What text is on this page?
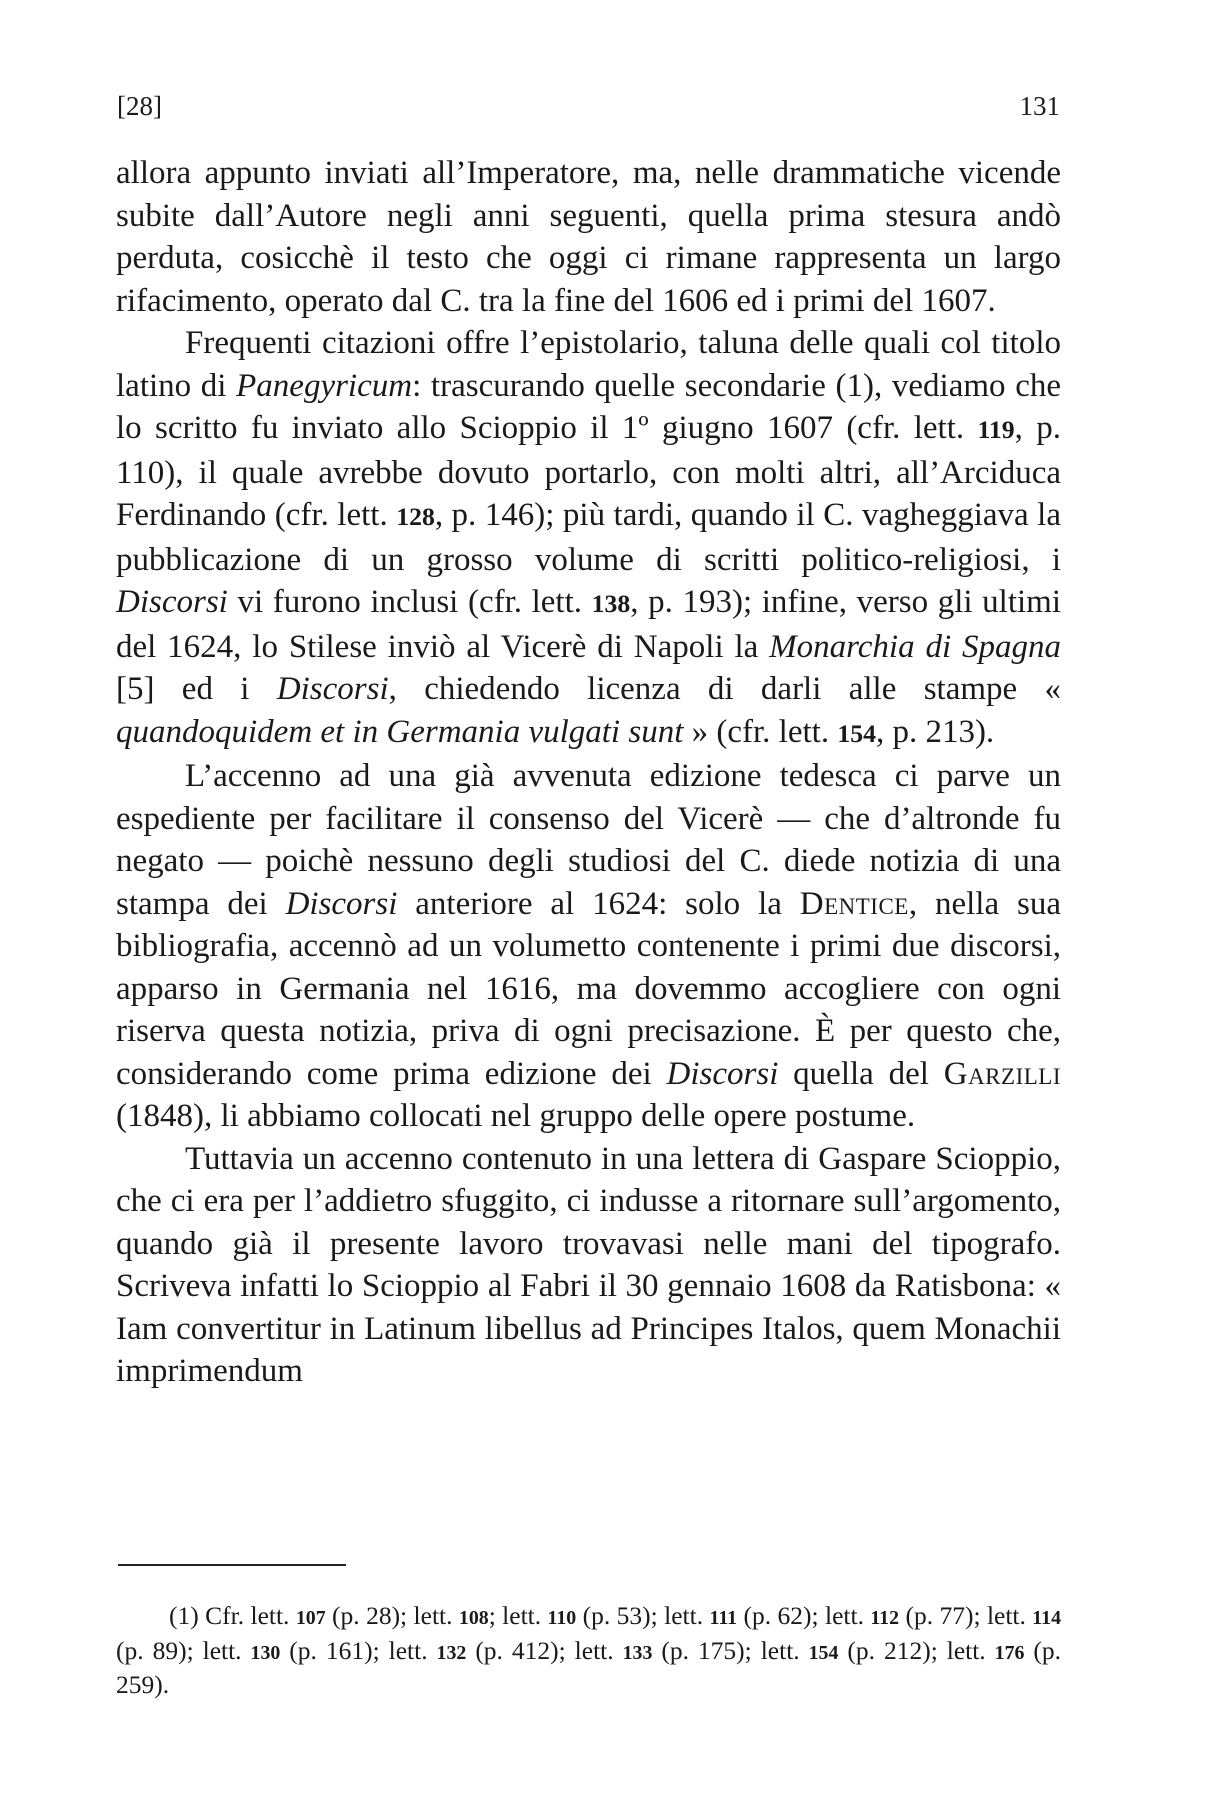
[28]	131

allora appunto inviati all’Imperatore, ma, nelle drammatiche vicende subite dall’Autore negli anni seguenti, quella prima stesura andò perduta, cosicchè il testo che oggi ci rimane rappresenta un largo rifacimento, operato dal C. tra la fine del 1606 ed i primi del 1607.

Frequenti citazioni offre l’epistolario, taluna delle quali col titolo latino di Panegyricum: trascurando quelle secondarie (1), vediamo che lo scritto fu inviato allo Scioppio il 1º giugno 1607 (cfr. lett. 119, p. 110), il quale avrebbe dovuto portarlo, con molti altri, all’Arciduca Ferdinando (cfr. lett. 128, p. 146); più tardi, quando il C. vagheggiava la pubblicazione di un grosso volume di scritti politico-religiosi, i Discorsi vi furono inclusi (cfr. lett. 138, p. 193); infine, verso gli ultimi del 1624, lo Stilese inviò al Vicerè di Napoli la Monarchia di Spagna [5] ed i Discorsi, chiedendo licenza di darli alle stampe « quandoquidem et in Germania vulgati sunt » (cfr. lett. 154, p. 213).

L’accenno ad una già avvenuta edizione tedesca ci parve un espediente per facilitare il consenso del Vicerè — che d’altronde fu negato — poichè nessuno degli studiosi del C. diede notizia di una stampa dei Discorsi anteriore al 1624: solo la Dentice, nella sua bibliografia, accennò ad un volumetto contenente i primi due discorsi, apparso in Germania nel 1616, ma dovemmo accogliere con ogni riserva questa notizia, priva di ogni precisazione. È per questo che, considerando come prima edizione dei Discorsi quella del Garzilli (1848), li abbiamo collocati nel gruppo delle opere postume.

Tuttavia un accenno contenuto in una lettera di Gaspare Scioppio, che ci era per l’addietro sfuggito, ci indusse a ritornare sull’argomento, quando già il presente lavoro trovavasi nelle mani del tipografo. Scriveva infatti lo Scioppio al Fabri il 30 gennaio 1608 da Ratisbona: « Iam convertitur in Latinum libellus ad Principes Italos, quem Monachii imprimendum

(1) Cfr. lett. 107 (p. 28); lett. 108; lett. 110 (p. 53); lett. 111 (p. 62); lett. 112 (p. 77); lett. 114 (p. 89); lett. 130 (p. 161); lett. 132 (p. 412); lett. 133 (p. 175); lett. 154 (p. 212); lett. 176 (p. 259).
